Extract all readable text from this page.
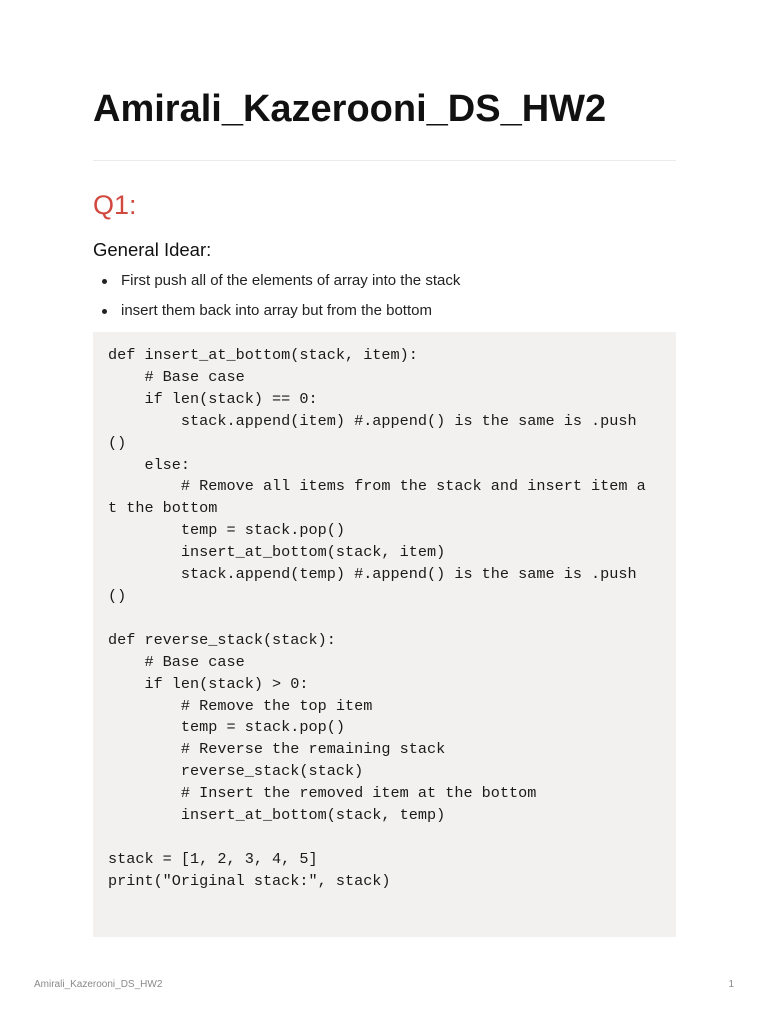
Amirali_Kazerooni_DS_HW2
Q1:
General Idear:
First push all of the elements of array into the stack
insert them back into array but from the bottom
def insert_at_bottom(stack, item):
# Base case
if len(stack) == 0:
stack.append(item) #.append() is the same is .push
()
else:
# Remove all items from the stack and insert item a
t the bottom
temp = stack.pop()
insert_at_bottom(stack, item)
stack.append(temp) #.append() is the same is .push
()

def reverse_stack(stack):
# Base case
if len(stack) > 0:
# Remove the top item
temp = stack.pop()
# Reverse the remaining stack
reverse_stack(stack)
# Insert the removed item at the bottom
insert_at_bottom(stack, temp)

stack = [1, 2, 3, 4, 5]
print("Original stack:", stack)
Amirali_Kazerooni_DS_HW2	1
